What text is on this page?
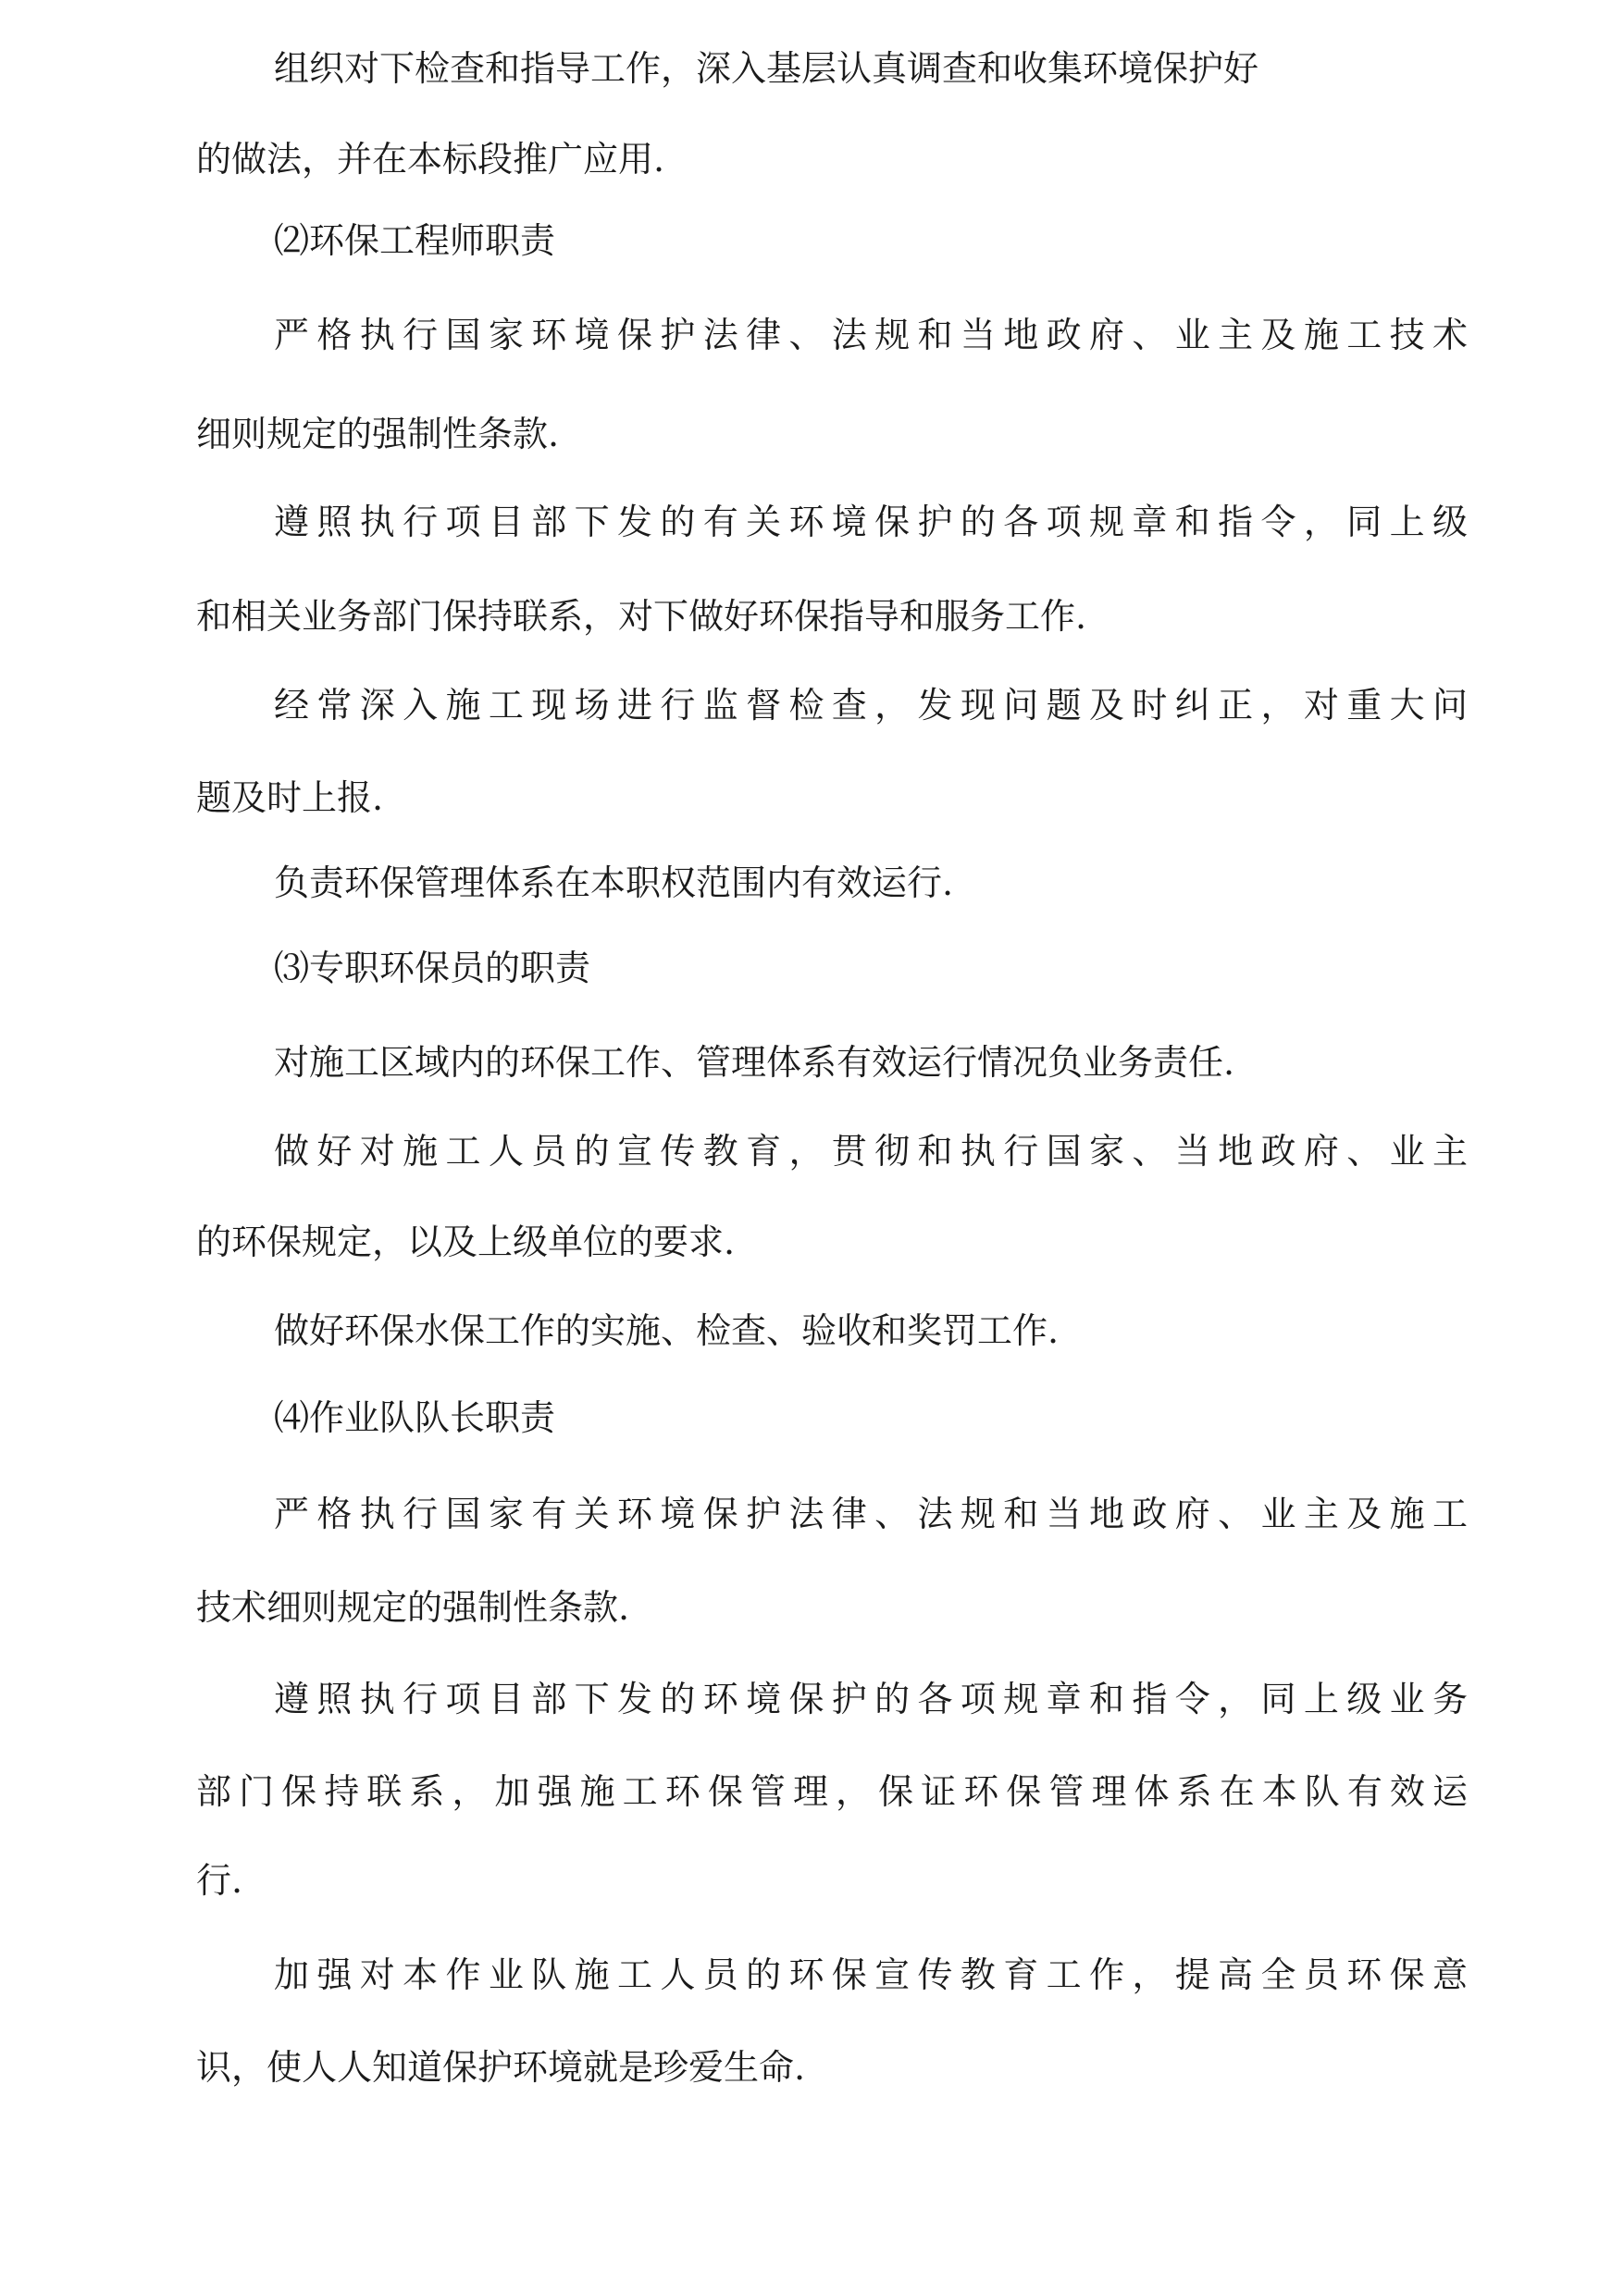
组织对下检查和指导工作，深入基层认真调查和收集环境保护好
的做法，并在本标段推广应用.
⑵环保工程师职责
严格执行国家环境保护法律、法规和当地政府、业主及施工技术
细则规定的强制性条款.
遵照执行项目部下发的有关环境保护的各项规章和指令，同上级
和相关业务部门保持联系，对下做好环保指导和服务工作.
经常深入施工现场进行监督检查，发现问题及时纠正，对重大问
题及时上报.
负责环保管理体系在本职权范围内有效运行.
⑶专职环保员的职责
对施工区域内的环保工作、管理体系有效运行情况负业务责任.
做好对施工人员的宣传教育，贯彻和执行国家、当地政府、业主
的环保规定，以及上级单位的要求.
做好环保水保工作的实施、检查、验收和奖罚工作.
⑷作业队队长职责
严格执行国家有关环境保护法律、法规和当地政府、业主及施工
技术细则规定的强制性条款.
遵照执行项目部下发的环境保护的各项规章和指令，同上级业务
部门保持联系，加强施工环保管理，保证环保管理体系在本队有效运
行.
加强对本作业队施工人员的环保宣传教育工作，提高全员环保意
识，使人人知道保护环境就是珍爱生命.
